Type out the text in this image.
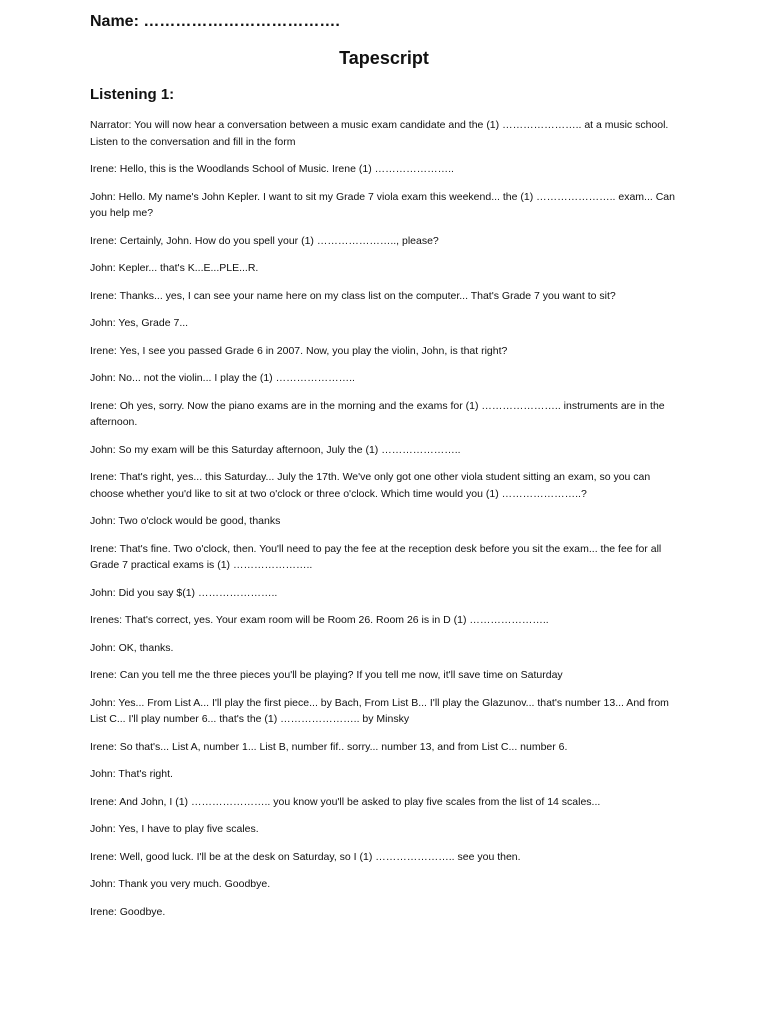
Name: ……………………………….
Tapescript
Listening 1:

Narrator: You will now hear a conversation between a music exam candidate and the (1) ………………….. at a music school. Listen to the conversation and fill in the form

Irene: Hello, this is the Woodlands School of Music. Irene (1) …………………..

John: Hello. My name's John Kepler. I want to sit my Grade 7 viola exam this weekend... the (1) ………………….. exam... Can you help me?

Irene: Certainly, John. How do you spell your (1) ………………….., please?

John: Kepler... that's K...E...PLE...R.

Irene: Thanks... yes, I can see your name here on my class list on the computer... That's Grade 7 you want to sit?

John: Yes, Grade 7...

Irene: Yes, I see you passed Grade 6 in 2007. Now, you play the violin, John, is that right?

John: No... not the violin... I play the (1) …………………..

Irene: Oh yes, sorry. Now the piano exams are in the morning and the exams for (1) ………………….. instruments are in the afternoon.

John: So my exam will be this Saturday afternoon, July the (1) …………………..

Irene: That's right, yes... this Saturday... July the 17th. We've only got one other viola student sitting an exam, so you can choose whether you'd like to sit at two o'clock or three o'clock. Which time would you (1) …………………..?

John: Two o'clock would be good, thanks

Irene: That's fine. Two o'clock, then. You'll need to pay the fee at the reception desk before you sit the exam... the fee for all Grade 7 practical exams is (1) …………………..

John: Did you say $(1) …………………..

Irenes: That's correct, yes. Your exam room will be Room 26. Room 26 is in D (1) …………………..

John: OK, thanks.

Irene: Can you tell me the three pieces you'll be playing? If you tell me now, it'll save time on Saturday

John: Yes... From List A... I'll play the first piece... by Bach, From List B... I'll play the Glazunov... that's number 13... And from List C... I'll play number 6... that's the (1) ………………….. by Minsky

Irene: So that's... List A, number 1... List B, number fif.. sorry... number 13, and from List C... number 6.

John: That's right.

Irene: And John, I (1) ………………….. you know you'll be asked to play five scales from the list of 14 scales...

John: Yes, I have to play five scales.

Irene: Well, good luck. I'll be at the desk on Saturday, so I (1) ………………….. see you then.

John: Thank you very much. Goodbye.

Irene: Goodbye.
